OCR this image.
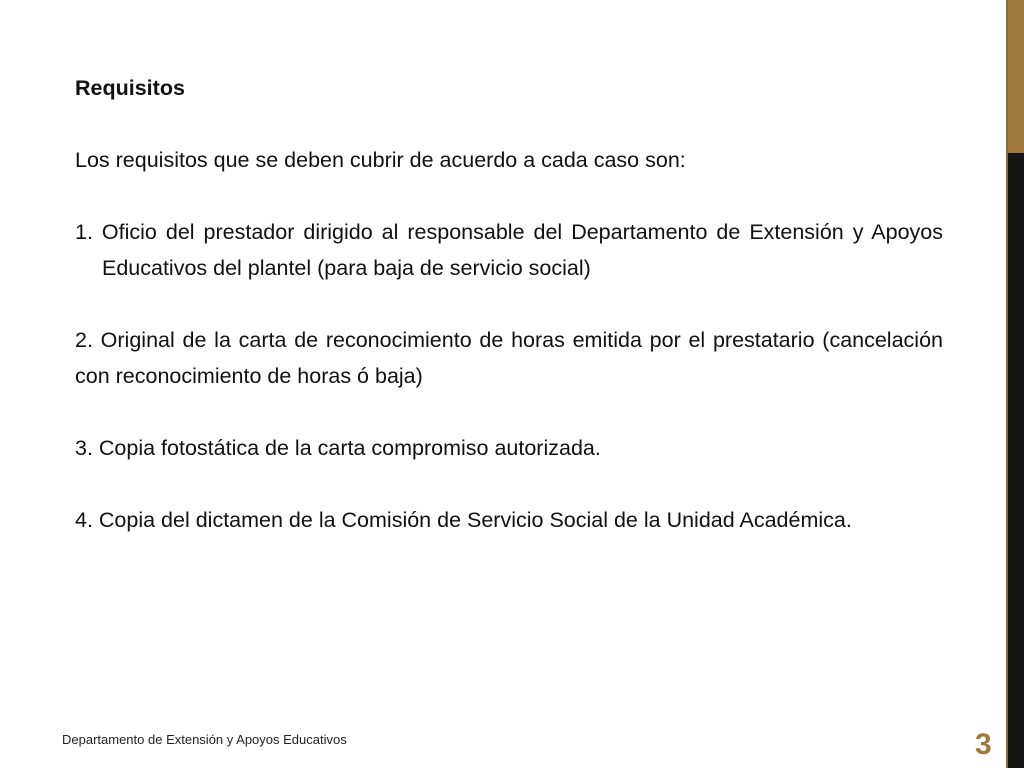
Requisitos
Los requisitos que se deben cubrir de acuerdo a cada caso son:
1. Oficio del prestador dirigido al responsable del Departamento de Extensión y Apoyos Educativos del plantel (para baja de servicio social)
2. Original de la carta de reconocimiento de horas emitida por el prestatario (cancelación con reconocimiento de horas ó baja)
3. Copia fotostática de la carta compromiso autorizada.
4. Copia del dictamen de la Comisión de Servicio Social de la Unidad Académica.
Departamento de Extensión y Apoyos Educativos	3
